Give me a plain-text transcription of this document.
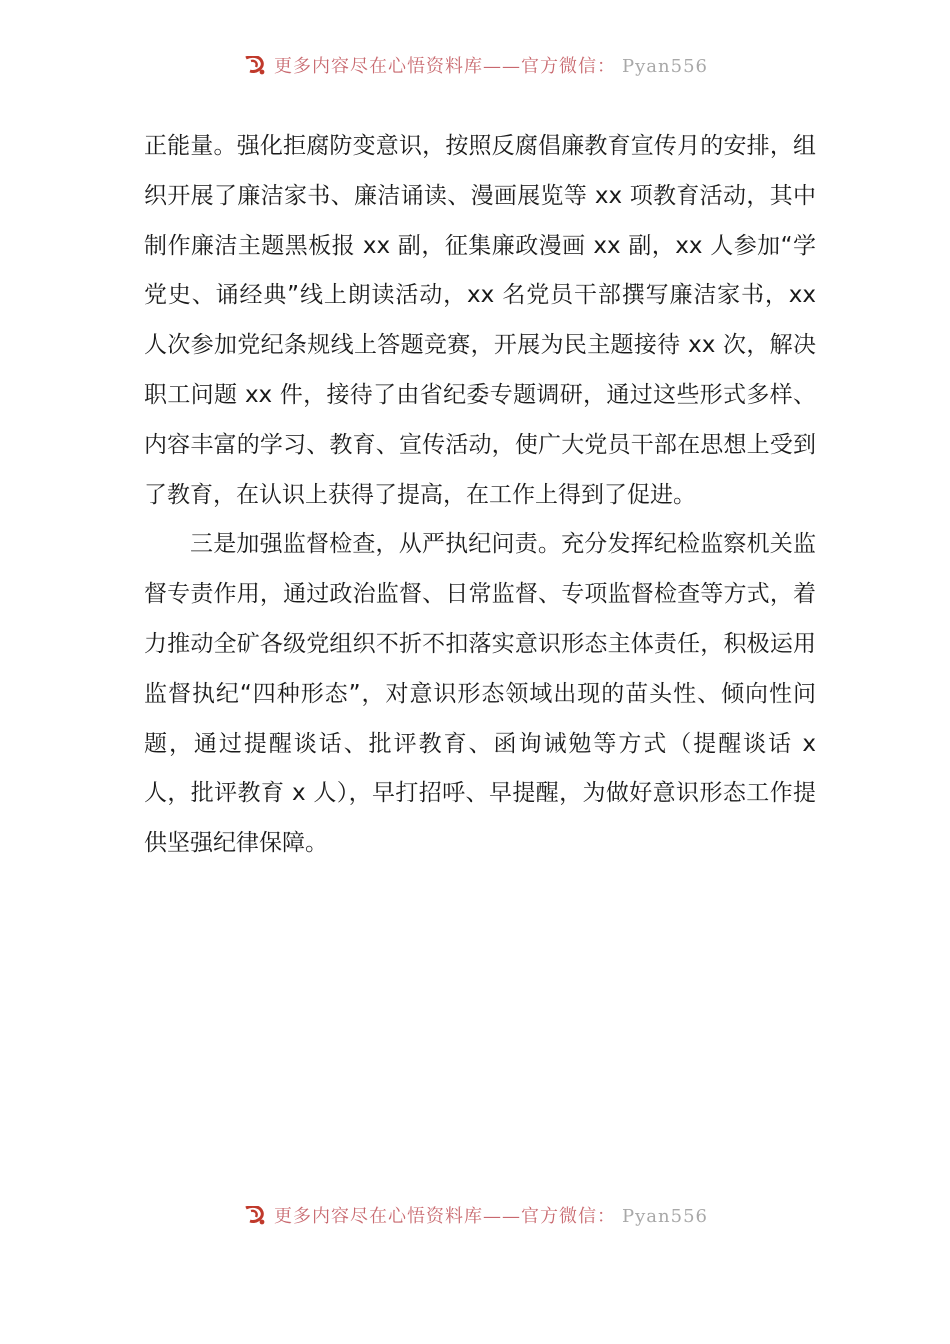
更多内容尽在心悟资料库——官方微信： Pyan556

正能量。强化拒腐防变意识，按照反腐倡廉教育宣传月的安排，组织开展了廉洁家书、廉洁诵读、漫画展览等 xx 项教育活动，其中制作廉洁主题黑板报 xx 副，征集廉政漫画 xx 副，xx 人参加“学党史、诵经典”线上朗读活动，xx 名党员干部撰写廉洁家书，xx 人次参加党纪条规线上答题竞赛，开展为民主题接待 xx 次，解决职工问题 xx 件，接待了由省纪委专题调研，通过这些形式多样、内容丰富的学习、教育、宣传活动，使广大党员干部在思想上受到了教育，在认识上获得了提高，在工作上得到了促进。

三是加强监督检查，从严执纪问责。充分发挥纪检监察机关监督专责作用，通过政治监督、日常监督、专项监督检查等方式，着力推动全矿各级党组织不折不扣落实意识形态主体责任，积极运用监督执纪“四种形态”，对意识形态领域出现的苗头性、倾向性问题，通过提醒谈话、批评教育、函询诫勉等方式（提醒谈话 x 人，批评教育 x 人），早打招呼、早提醒，为做好意识形态工作提供坚强纪律保障。

更多内容尽在心悟资料库——官方微信： Pyan556
